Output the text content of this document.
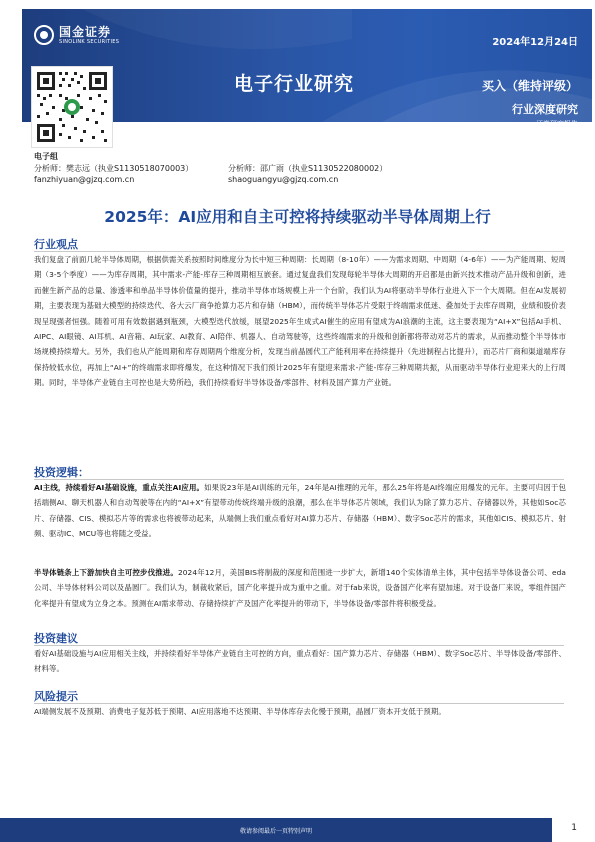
国金证券
SINOLINK SECURITIES	2024年12月24日
电子行业研究	买入（维持评级）
行业深度研究
证券研究报告
电子组
分析师：樊志远（执业S1130518070003）	分析师：邵广雨（执业S1130522080002）
fanzhiyuan@gjzq.com.cn	shaoguangyu@gjzq.com.cn
2025年：AI应用和自主可控将持续驱动半导体周期上行
行业观点
我们复盘了前面几轮半导体周期，根据供需关系按照时间维度分为长中短三种周期：长周期（8-10年）——为需求周期、中周期（4-6年）——为产能周期、短周期（3-5个季度）——为库存周期，其中需求-产能-库存三种周期相互嵌套。通过复盘我们发现每轮半导体大周期的开启都是由新兴技术推动产品升级和创新，进而催生新产品的总量、渗透率和单品半导体价值量的提升，推动半导体市场规模上升一个台阶，我们认为AI将驱动半导体行业进入下一个大周期。但在AI发展初期，主要表现为基础大模型的持续迭代、各大云厂商争抢算力芯片和存储（HBM），而传统半导体芯片受限于终端需求低迷、叠加处于去库存周期，业绩和股价表现呈现强者恒强。随着可用有效数据遇到瓶颈，大模型迭代放缓，展望2025年生成式AI催生的应用有望成为AI浪潮的主流，这主要表现为“AI+X”包括AI手机、AIPC、AI眼镜、AI耳机、AI音箱、AI玩家、AI教育、AI陪伴、机器人、自动驾驶等，这些终端需求的升级和创新都将带动对芯片的需求，从而推动整个半导体市场规模持续增大。另外，我们也从产能周期和库存周期两个维度分析，发现当前晶圆代工产能利用率在持续提升（先进制程占比提升），而芯片厂商和渠道端库存保持较低水位，再加上“AI+”的终端需求即将爆发，在这种情况下我们预计2025年有望迎来需求-产能-库存三种周期共振，从而驱动半导体行业迎来大的上行周期。同时，半导体产业链自主可控也是大势所趋，我们持续看好半导体设备/零部件、材料及国产算力产业链。
投资逻辑：
AI主线，持续看好AI基础设施，重点关注AI应用。如果说23年是AI训练的元年，24年是AI推理的元年，那么25年将是AI终端应用爆发的元年。主要可归因于包括端侧AI、聊天机器人和自动驾驶等在内的“AI+X”有望带动传统终端升级的浪潮，那么在半导体芯片领域，我们认为除了算力芯片、存储器以外，其他如Soc芯片、存储器、CIS、模拟芯片等的需求也将被带动起来，从端侧上我们重点看好对AI算力芯片、存储器（HBM）、数字Soc芯片的需求，其他如CIS、模拟芯片、射频、驱动IC、MCU等也将随之受益。
半导体链条上下游加快自主可控步伐推进。2024年12月，美国BIS将制裁的深度和范围进一步扩大，新增140个实体清单主体，其中包括半导体设备公司、eda公司、半导体材料公司以及晶圆厂。我们认为，制裁收紧后，国产化率提升成为重中之重。对于fab来说，设备国产化率有望加速。对于设备厂来说，零组件国产化率提升有望成为立身之本。预测在AI需求带动、存储持续扩产及国产化率提升的带动下，半导体设备/零部件将积极受益。
投资建议
看好AI基础设施与AI应用相关主线，并持续看好半导体产业链自主可控的方向，重点看好：国产算力芯片、存储器（HBM）、数字Soc芯片、半导体设备/零部件、材料等。
风险提示
AI端侧发展不及预期、消费电子复苏低于预期、AI应用落地不达预期、半导体库存去化慢于预期，晶圆厂资本开支低于预期。
敬请参阅最后一页特别声明	1
